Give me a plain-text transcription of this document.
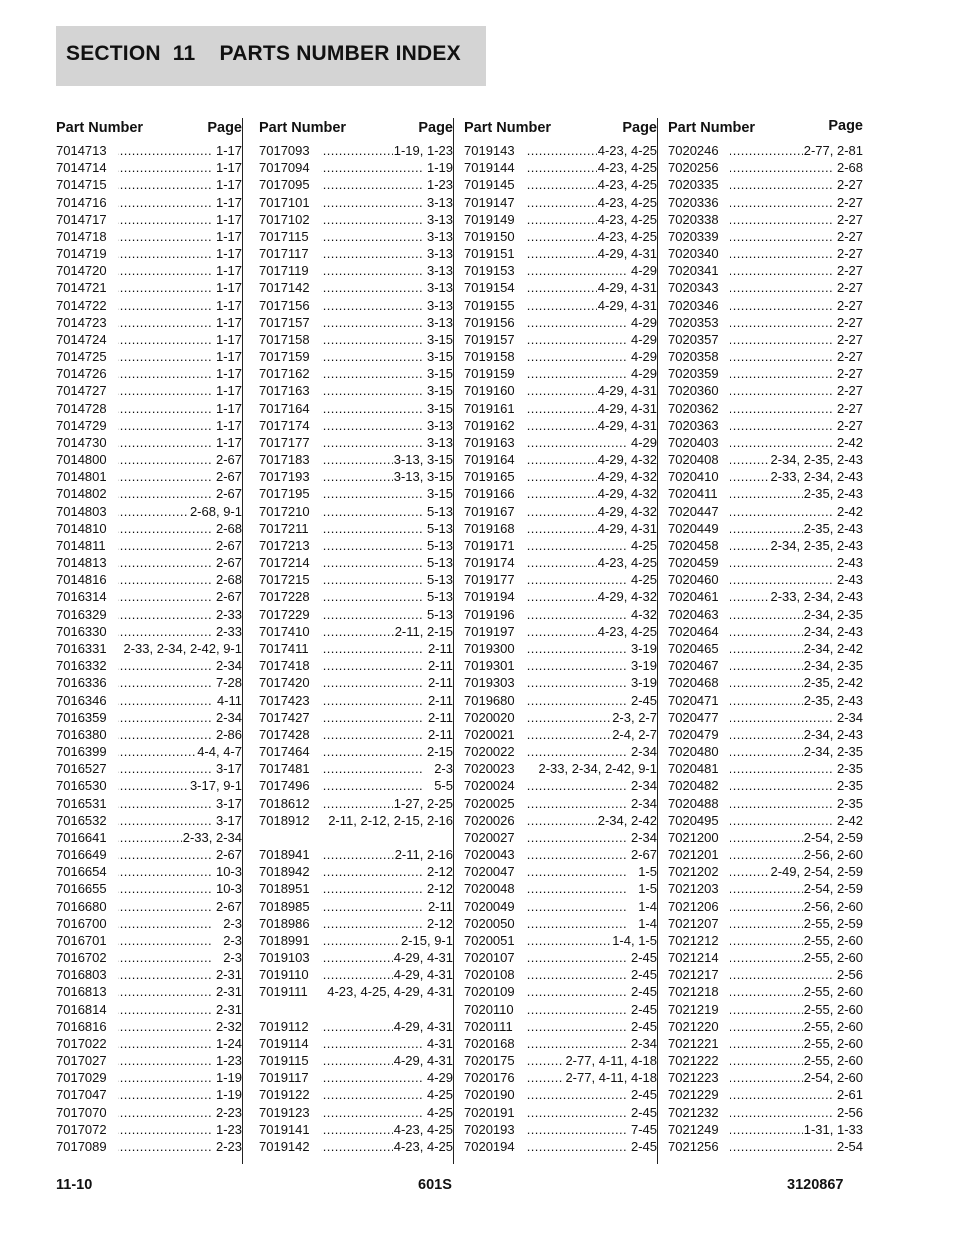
SECTION  11    PARTS NUMBER INDEX
Part Number	Page
7014713 .....	1-17
7014714 .....	1-17
7014715 .....	1-17
7014716 .....	1-17
7014717 .....	1-17
7014718 .....	1-17
7014719 .....	1-17
7014720 .....	1-17
7014721 .....	1-17
7014722 .....	1-17
7014723 .....	1-17
7014724 .....	1-17
7014725 .....	1-17
7014726 .....	1-17
7014727 .....	1-17
7014728 .....	1-17
7014729 .....	1-17
7014730 .....	1-17
7014800 .....	2-67
7014801 .....	2-67
7014802 .....	2-67
7014803 .....	2-68, 9-1
7014810 .....	2-68
7014811 .....	2-67
7014813 .....	2-67
7014816 .....	2-68
7016314 .....	2-67
7016329 .....	2-33
7016330 .....	2-33
7016331 2-33, 2-34, 2-42, 9-1
7016332 .....	2-34
7016336 .....	7-28
7016346 .....	4-11
7016359 .....	2-34
7016380 .....	2-86
7016399 .....	4-4, 4-7
7016527 .....	3-17
7016530 .....	3-17, 9-1
7016531 .....	3-17
7016532 .....	3-17
7016641 .....	2-33, 2-34
7016649 .....	2-67
7016654 .....	10-3
7016655 .....	10-3
7016680 .....	2-67
7016700 .....	2-3
7016701 .....	2-3
7016702 .....	2-3
7016803 .....	2-31
7016813 .....	2-31
7016814 .....	2-31
7016816 .....	2-32
7017022 .....	1-24
7017027 .....	1-23
7017029 .....	1-19
7017047 .....	1-19
7017070 .....	2-23
7017072 .....	1-23
7017089 .....	2-23
Part Number	Page
7017093 .....	1-19, 1-23
7017094 .....	1-19
7017095 .....	1-23
7017101 .....	3-13
7017102 .....	3-13
7017115 .....	3-13
7017117 .....	3-13
7017119 .....	3-13
7017142 .....	3-13
7017156 .....	3-13
7017157 .....	3-13
7017158 .....	3-15
7017159 .....	3-15
7017162 .....	3-15
7017163 .....	3-15
7017164 .....	3-15
7017174 .....	3-13
7017177 .....	3-13
7017183 .....	3-13, 3-15
7017193 .....	3-13, 3-15
7017195 .....	3-15
7017210 .....	5-13
7017211 .....	5-13
7017213 .....	5-13
7017214 .....	5-13
7017215 .....	5-13
7017228 .....	5-13
7017229 .....	5-13
7017410 .....	2-11, 2-15
7017411 .....	2-11
7017418 .....	2-11
7017420 .....	2-11
7017423 .....	2-11
7017427 .....	2-11
7017428 .....	2-11
7017464 .....	2-15
7017481 .....	2-3
7017496 .....	5-5
7018612 .....	1-27, 2-25
7018912	2-11, 2-12, 2-15, 2-16
7018941 .....	2-11, 2-16
7018942 .....	2-12
7018951 .....	2-12
7018985 .....	2-11
7018986 .....	2-12
7018991 .....	2-15, 9-1
7019103 .....	4-29, 4-31
7019110 .....	4-29, 4-31
7019111	4-23, 4-25, 4-29, 4-31
7019112 .....	4-29, 4-31
7019114 .....	4-31
7019115 .....	4-29, 4-31
7019117 .....	4-29
7019122 .....	4-25
7019123 .....	4-25
7019141 .....	4-23, 4-25
7019142 .....	4-23, 4-25
Part Number	Page
7019143 .....	4-23, 4-25
7019144 .....	4-23, 4-25
7019145 .....	4-23, 4-25
7019147 .....	4-23, 4-25
7019149 .....	4-23, 4-25
7019150 .....	4-23, 4-25
7019151 .....	4-29, 4-31
7019153 .....	4-29
7019154 .....	4-29, 4-31
7019155 .....	4-29, 4-31
7019156 .....	4-29
7019157 .....	4-29
7019158 .....	4-29
7019159 .....	4-29
7019160 .....	4-29, 4-31
7019161 .....	4-29, 4-31
7019162 .....	4-29, 4-31
7019163 .....	4-29
7019164 .....	4-29, 4-32
7019165 .....	4-29, 4-32
7019166 .....	4-29, 4-32
7019167 .....	4-29, 4-32
7019168 .....	4-29, 4-31
7019171 .....	4-25
7019174 .....	4-23, 4-25
7019177 .....	4-25
7019194 .....	4-29, 4-32
7019196 .....	4-32
7019197 .....	4-23, 4-25
7019300 .....	3-19
7019301 .....	3-19
7019303 .....	3-19
7019680 .....	2-45
7020020 .....	2-3, 2-7
7020021 .....	2-4, 2-7
7020022 .....	2-34
7020023 2-33, 2-34, 2-42, 9-1
7020024 .....	2-34
7020025 .....	2-34
7020026 .....	2-34, 2-42
7020027 .....	2-34
7020043 .....	2-67
7020047 .....	1-5
7020048 .....	1-5
7020049 .....	1-4
7020050 .....	1-4
7020051 .....	1-4, 1-5
7020107 .....	2-45
7020108 .....	2-45
7020109 .....	2-45
7020110 .....	2-45
7020111 .....	2-45
7020168 .....	2-34
7020175 .....	2-77, 4-11, 4-18
7020176 .....	2-77, 4-11, 4-18
7020190 .....	2-45
7020191 .....	2-45
7020193 .....	7-45
7020194 .....	2-45
Part Number	Page
7020246 .....	2-77, 2-81
7020256 .....	2-68
7020335 .....	2-27
7020336 .....	2-27
7020338 .....	2-27
7020339 .....	2-27
7020340 .....	2-27
7020341 .....	2-27
7020343 .....	2-27
7020346 .....	2-27
7020353 .....	2-27
7020357 .....	2-27
7020358 .....	2-27
7020359 .....	2-27
7020360 .....	2-27
7020362 .....	2-27
7020363 .....	2-27
7020403 .....	2-42
7020408 .....	2-34, 2-35, 2-43
7020410 .....	2-33, 2-34, 2-43
7020411 .....	2-35, 2-43
7020447 .....	2-42
7020449 .....	2-35, 2-43
7020458 .....	2-34, 2-35, 2-43
7020459 .....	2-43
7020460 .....	2-43
7020461 .....	2-33, 2-34, 2-43
7020463 .....	2-34, 2-35
7020464 .....	2-34, 2-43
7020465 .....	2-34, 2-42
7020467 .....	2-34, 2-35
7020468 .....	2-35, 2-42
7020471 .....	2-35, 2-43
7020477 .....	2-34
7020479 .....	2-34, 2-43
7020480 .....	2-34, 2-35
7020481 .....	2-35
7020482 .....	2-35
7020488 .....	2-35
7020495 .....	2-42
7021200 .....	2-54, 2-59
7021201 .....	2-56, 2-60
7021202 .....	2-49, 2-54, 2-59
7021203 .....	2-54, 2-59
7021206 .....	2-56, 2-60
7021207 .....	2-55, 2-59
7021212 .....	2-55, 2-60
7021214 .....	2-55, 2-60
7021217 .....	2-56
7021218 .....	2-55, 2-60
7021219 .....	2-55, 2-60
7021220 .....	2-55, 2-60
7021221 .....	2-55, 2-60
7021222 .....	2-55, 2-60
7021223 .....	2-54, 2-60
7021229 .....	2-61
7021232 .....	2-56
7021249 .....	1-31, 1-33
7021256 .....	2-54
11-10	601S	3120867
